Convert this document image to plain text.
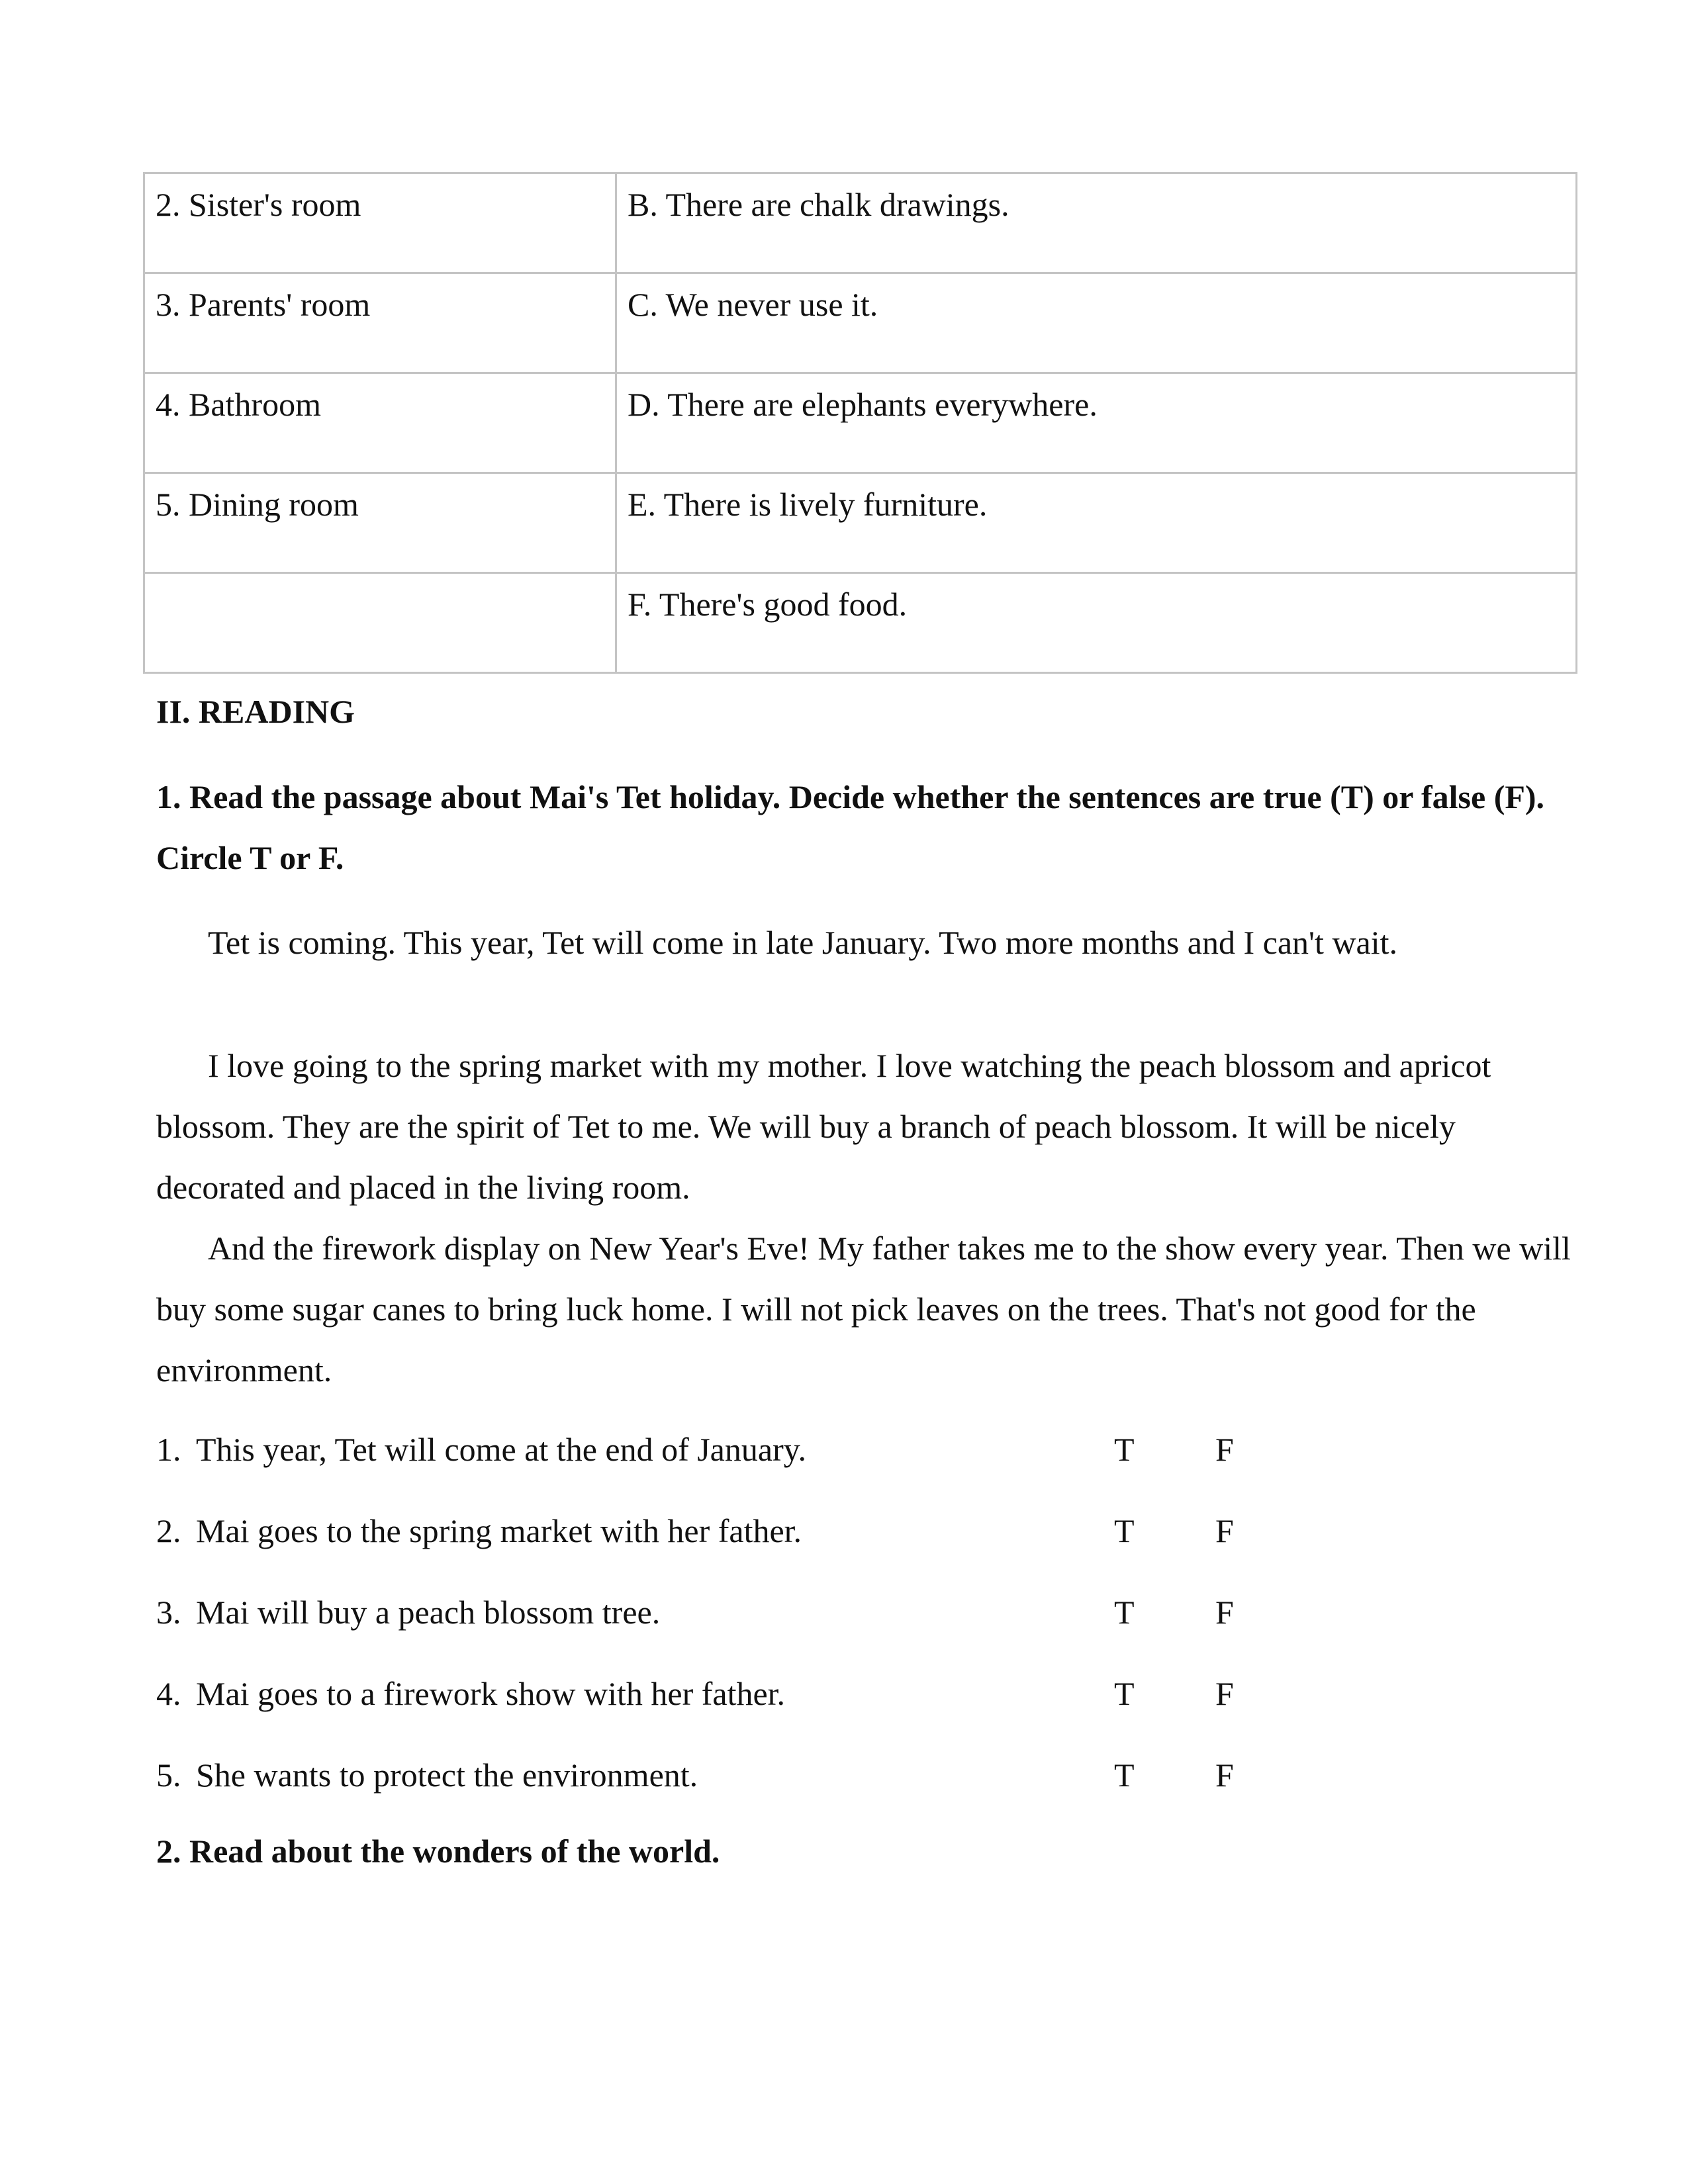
2. Sister's room	B. There are chalk drawings.
3. Parents' room	C. We never use it.
4. Bathroom	D. There are elephants everywhere.
5. Dining room	E. There is lively furniture.
	F. There's good food.
II. READING

1. Read the passage about Mai's Tet holiday. Decide whether the sentences are true (T) or false (F). Circle T or F.

Tet is coming. This year, Tet will come in late January. Two more months and I can't wait.

I love going to the spring market with my mother. I love watching the peach blossom and apricot blossom. They are the spirit of Tet to me. We will buy a branch of peach blossom. It will be nicely decorated and placed in the living room.

And the firework display on New Year's Eve! My father takes me to the show every year. Then we will buy some sugar canes to bring luck home. I will not pick leaves on the trees. That's not good for the environment.

1. This year, Tet will come at the end of January.	T F
2. Mai goes to the spring market with her father.	T F
3. Mai will buy a peach blossom tree.	T F
4. Mai goes to a firework show with her father.	T F
5. She wants to protect the environment.	T F

2. Read about the wonders of the world.
